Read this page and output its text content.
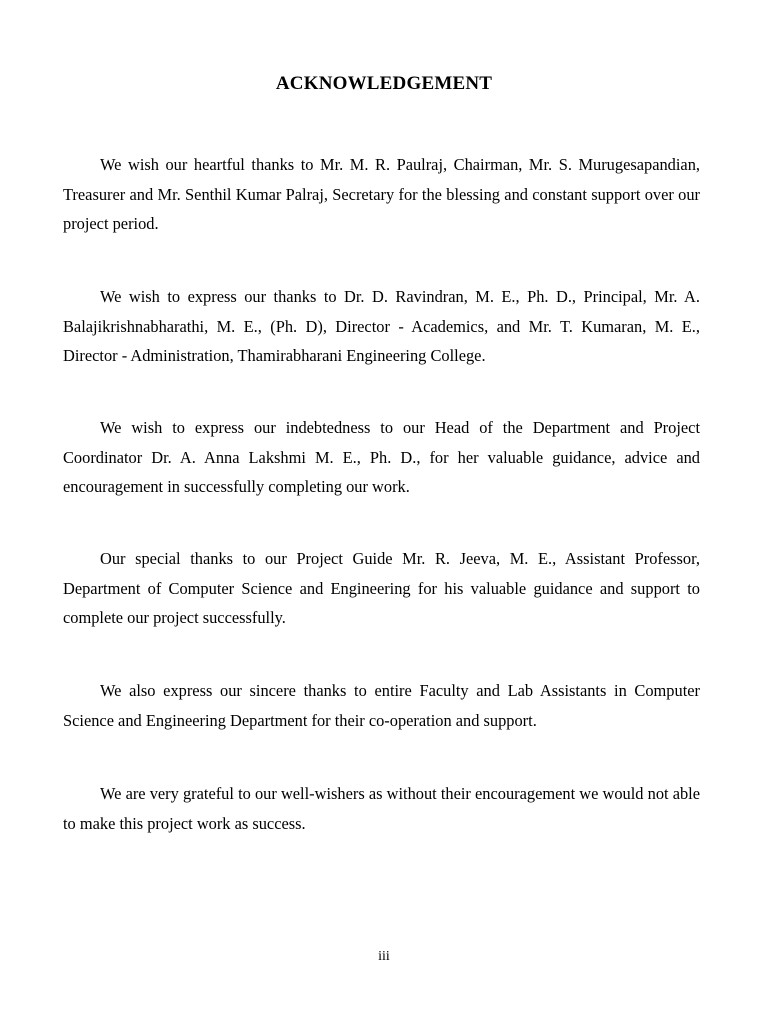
ACKNOWLEDGEMENT

We wish our heartful thanks to Mr. M. R. Paulraj, Chairman, Mr. S. Murugesapandian, Treasurer and Mr. Senthil Kumar Palraj, Secretary for the blessing and constant support over our project period.

We wish to express our thanks to Dr. D. Ravindran, M. E., Ph. D., Principal, Mr. A. Balajikrishnabharathi, M. E., (Ph. D), Director - Academics, and Mr. T. Kumaran, M. E., Director - Administration, Thamirabharani Engineering College.

We wish to express our indebtedness to our Head of the Department and Project Coordinator Dr. A. Anna Lakshmi M. E., Ph. D., for her valuable guidance, advice and encouragement in successfully completing our work.

Our special thanks to our Project Guide Mr. R. Jeeva, M. E., Assistant Professor, Department of Computer Science and Engineering for his valuable guidance and support to complete our project successfully.

We also express our sincere thanks to entire Faculty and Lab Assistants in Computer Science and Engineering Department for their co-operation and support.

We are very grateful to our well-wishers as without their encouragement we would not able to make this project work as success.

iii
